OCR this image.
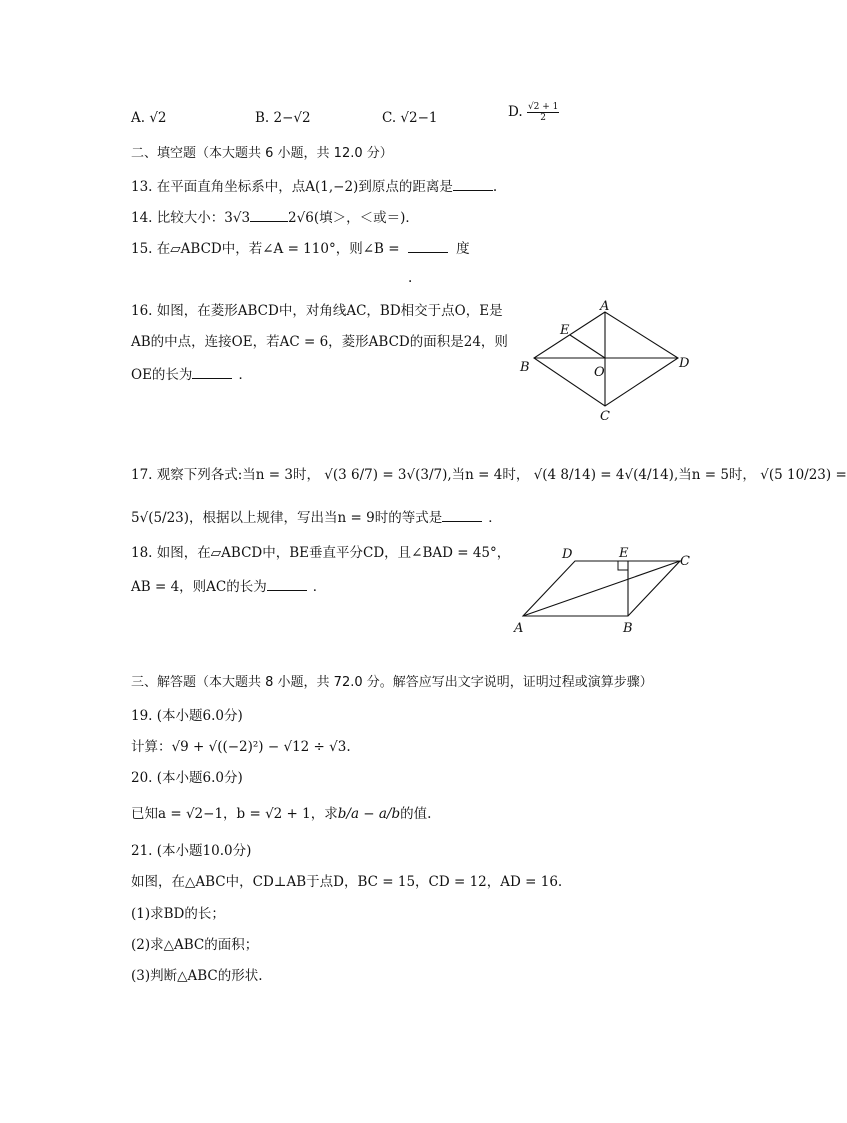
A. √2	B. 2−√2	C. √2−1	D. $\frac{√2 + 1}{2}$
二、填空题（本大题共 6 小题，共 12.0 分）
13. 在平面直角坐标系中，点A(1,−2)到原点的距离是	.
14. 比较大小：3√3	2√6(填＞，＜或＝)．
15. 在▱ABCD中，若∠A = 110°，则∠B =	度
.
16. 如图，在菱形ABCD中，对角线AC，BD相交于点O，E是
AB的中点，连接OE，若AC = 6，菱形ABCD的面积是24，则
OE的长为	．
A
B
C
D
E
O
17. 观察下列各式:当n = 3时， √(3 6/7) = 3√(3/7),当n = 4时， √(4 8/14) = 4√(4/14),当n = 5时， √(5 10/23) =
5√(5/23)，根据以上规律，写出当n = 9时的等式是	．
18. 如图，在▱ABCD中，BE垂直平分CD，且∠BAD = 45°，
AB = 4，则AC的长为	．
D	E
C
A	B
三、解答题（本大题共 8 小题，共 72.0 分。解答应写出文字说明，证明过程或演算步骤）
19. (本小题6.0分)
计算：√9 + √((−2)²) − √12 ÷ √3.
20. (本小题6.0分)
已知a = √2−1，b = √2 + 1，求b/a − a/b的值.
21. (本小题10.0分)
如图，在△ABC中，CD⊥AB于点D，BC = 15，CD = 12，AD = 16.
(1)求BD的长；
(2)求△ABC的面积；
(3)判断△ABC的形状.
